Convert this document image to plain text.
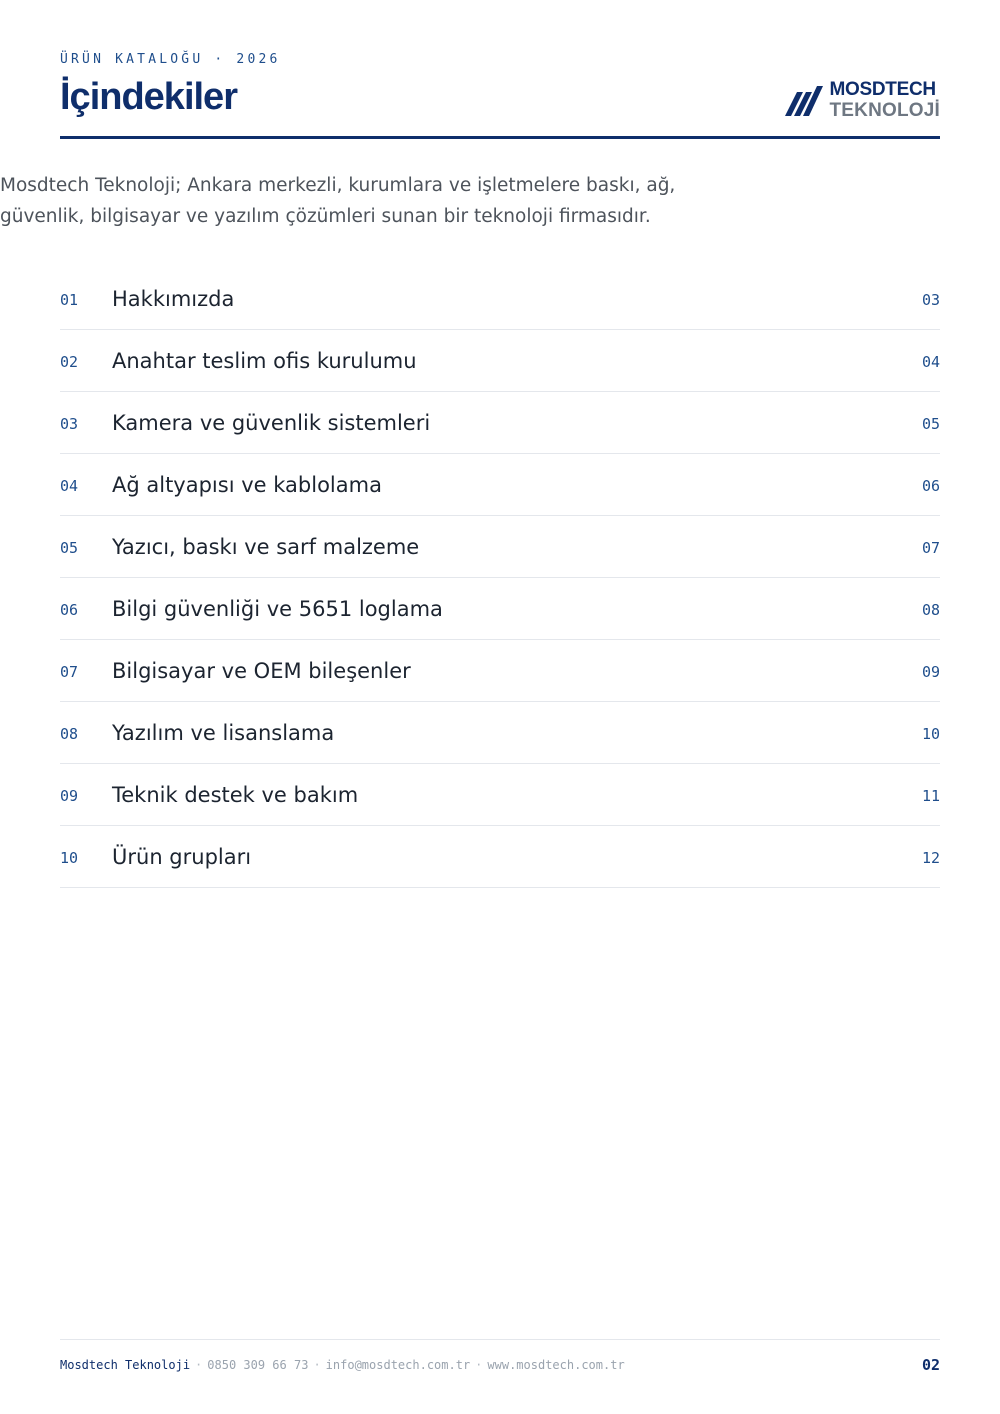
ÜRÜN KATALOĞU · 2026
İçindekiler	MOSDTECH
TEKNOLOJİ

Mosdtech Teknoloji; Ankara merkezli, kurumlara ve işletmelere baskı, ağ, güvenlik, bilgisayar ve yazılım çözümleri sunan bir teknoloji firmasıdır.

01	Hakkımızda	03
02	Anahtar teslim ofis kurulumu	04
03	Kamera ve güvenlik sistemleri	05
04	Ağ altyapısı ve kablolama	06
05	Yazıcı, baskı ve sarf malzeme	07
06	Bilgi güvenliği ve 5651 loglama	08
07	Bilgisayar ve OEM bileşenler	09
08	Yazılım ve lisanslama	10
09	Teknik destek ve bakım	11
10	Ürün grupları	12
Mosdtech Teknoloji · 0850 309 66 73 · info@mosdtech.com.tr · www.mosdtech.com.tr	02
